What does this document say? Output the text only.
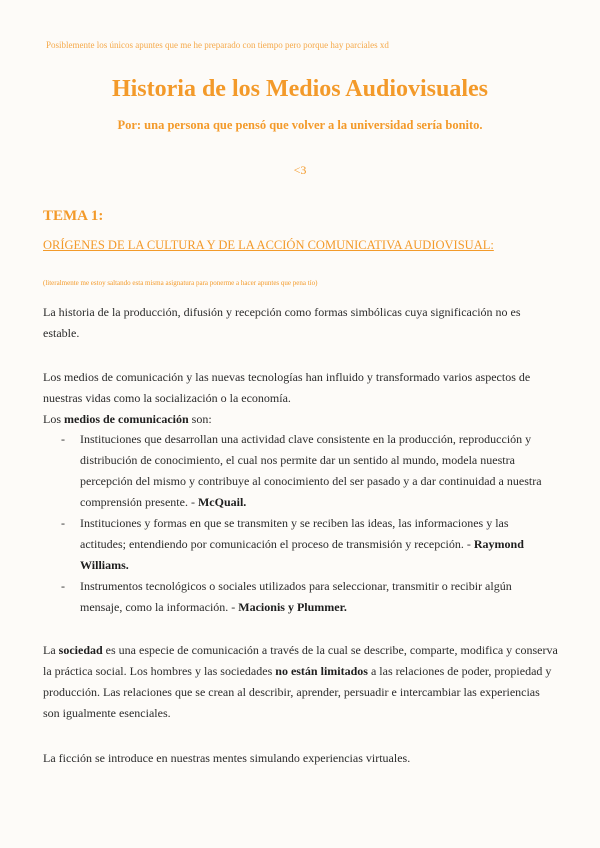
Posiblemente los únicos apuntes que me he preparado con tiempo pero porque hay parciales xd
Historia de los Medios Audiovisuales
Por: una persona que pensó que volver a la universidad sería bonito.
<3
TEMA 1:
ORÍGENES DE LA CULTURA Y DE LA ACCIÓN COMUNICATIVA AUDIOVISUAL:
(literalmente me estoy saltando esta misma asignatura para ponerme a hacer apuntes que pena tío)
La historia de la producción, difusión y recepción como formas simbólicas cuya significación no es estable.
Los medios de comunicación y las nuevas tecnologías han influido y transformado varios aspectos de nuestras vidas como la socialización o la economía.
Los medios de comunicación son:
- Instituciones que desarrollan una actividad clave consistente en la producción, reproducción y distribución de conocimiento, el cual nos permite dar un sentido al mundo, modela nuestra percepción del mismo y contribuye al conocimiento del ser pasado y a dar continuidad a nuestra comprensión presente. - McQuail.
- Instituciones y formas en que se transmiten y se reciben las ideas, las informaciones y las actitudes; entendiendo por comunicación el proceso de transmisión y recepción. - Raymond Williams.
- Instrumentos tecnológicos o sociales utilizados para seleccionar, transmitir o recibir algún mensaje, como la información. - Macionis y Plummer.
La sociedad es una especie de comunicación a través de la cual se describe, comparte, modifica y conserva la práctica social. Los hombres y las sociedades no están limitados a las relaciones de poder, propiedad y producción. Las relaciones que se crean al describir, aprender, persuadir e intercambiar las experiencias son igualmente esenciales.
La ficción se introduce en nuestras mentes simulando experiencias virtuales.
